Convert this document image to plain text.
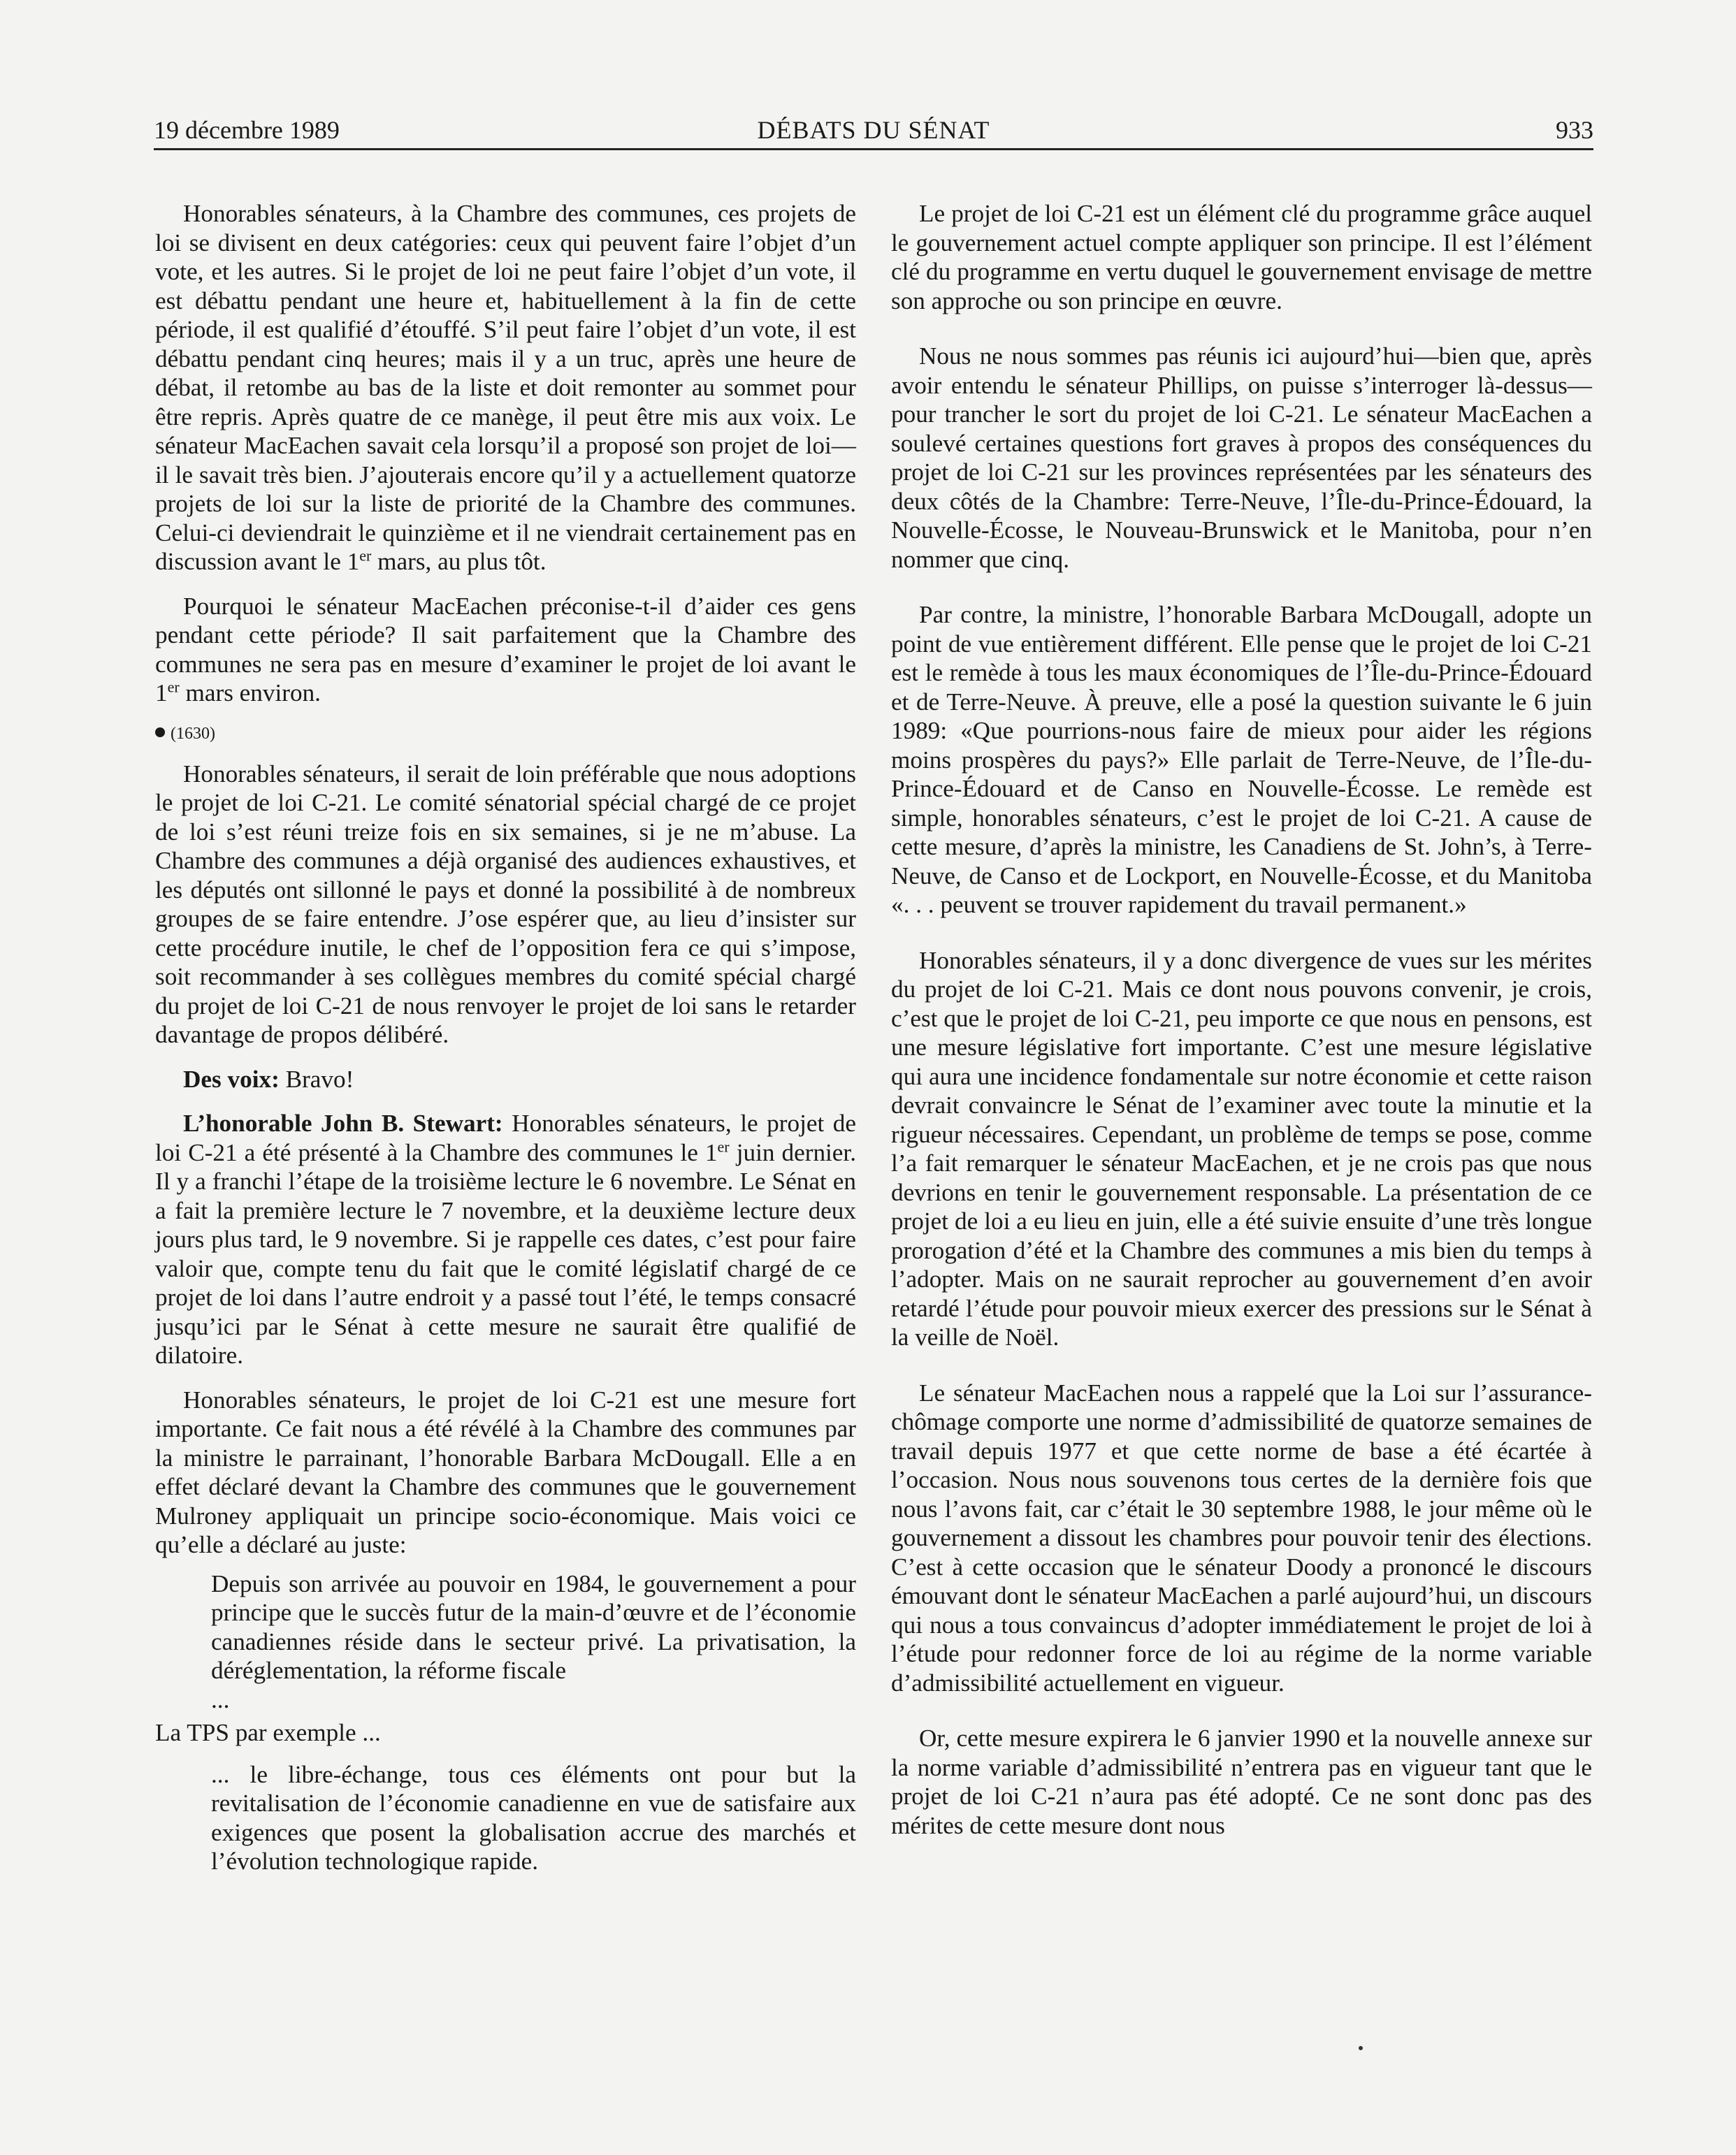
19 décembre 1989	DÉBATS DU SÉNAT	933

Honorables sénateurs, à la Chambre des communes, ces projets de loi se divisent en deux catégories: ceux qui peuvent faire l’objet d’un vote, et les autres. Si le projet de loi ne peut faire l’objet d’un vote, il est débattu pendant une heure et, habituellement à la fin de cette période, il est qualifié d’étouffé. S’il peut faire l’objet d’un vote, il est débattu pendant cinq heures; mais il y a un truc, après une heure de débat, il retombe au bas de la liste et doit remonter au sommet pour être repris. Après quatre de ce manège, il peut être mis aux voix. Le sénateur MacEachen savait cela lorsqu’il a proposé son projet de loi—il le savait très bien. J’ajouterais encore qu’il y a actuellement quatorze projets de loi sur la liste de priorité de la Chambre des communes. Celui-ci deviendrait le quinzième et il ne viendrait certainement pas en discussion avant le 1er mars, au plus tôt.

Pourquoi le sénateur MacEachen préconise-t-il d’aider ces gens pendant cette période? Il sait parfaitement que la Chambre des communes ne sera pas en mesure d’examiner le projet de loi avant le 1er mars environ.

(1630)

Honorables sénateurs, il serait de loin préférable que nous adoptions le projet de loi C-21. Le comité sénatorial spécial chargé de ce projet de loi s’est réuni treize fois en six semaines, si je ne m’abuse. La Chambre des communes a déjà organisé des audiences exhaustives, et les députés ont sillonné le pays et donné la possibilité à de nombreux groupes de se faire entendre. J’ose espérer que, au lieu d’insister sur cette procédure inutile, le chef de l’opposition fera ce qui s’impose, soit recommander à ses collègues membres du comité spécial chargé du projet de loi C-21 de nous renvoyer le projet de loi sans le retarder davantage de propos délibéré.

Des voix: Bravo!

L’honorable John B. Stewart: Honorables sénateurs, le projet de loi C-21 a été présenté à la Chambre des communes le 1er juin dernier. Il y a franchi l’étape de la troisième lecture le 6 novembre. Le Sénat en a fait la première lecture le 7 novembre, et la deuxième lecture deux jours plus tard, le 9 novembre. Si je rappelle ces dates, c’est pour faire valoir que, compte tenu du fait que le comité législatif chargé de ce projet de loi dans l’autre endroit y a passé tout l’été, le temps consacré jusqu’ici par le Sénat à cette mesure ne saurait être qualifié de dilatoire.

Honorables sénateurs, le projet de loi C-21 est une mesure fort importante. Ce fait nous a été révélé à la Chambre des communes par la ministre le parrainant, l’honorable Barbara McDougall. Elle a en effet déclaré devant la Chambre des communes que le gouvernement Mulroney appliquait un principe socio-économique. Mais voici ce qu’elle a déclaré au juste:

Depuis son arrivée au pouvoir en 1984, le gouvernement a pour principe que le succès futur de la main-d’œuvre et de l’économie canadiennes réside dans le secteur privé. La privatisation, la déréglementation, la réforme fiscale

...

La TPS par exemple ...

... le libre-échange, tous ces éléments ont pour but la revitalisation de l’économie canadienne en vue de satisfaire aux exigences que posent la globalisation accrue des marchés et l’évolution technologique rapide.

Le projet de loi C-21 est un élément clé du programme grâce auquel le gouvernement actuel compte appliquer son principe. Il est l’élément clé du programme en vertu duquel le gouvernement envisage de mettre son approche ou son principe en œuvre.

Nous ne nous sommes pas réunis ici aujourd’hui—bien que, après avoir entendu le sénateur Phillips, on puisse s’interroger là-dessus—pour trancher le sort du projet de loi C-21. Le sénateur MacEachen a soulevé certaines questions fort graves à propos des conséquences du projet de loi C-21 sur les provinces représentées par les sénateurs des deux côtés de la Chambre: Terre-Neuve, l’Île-du-Prince-Édouard, la Nouvelle-Écosse, le Nouveau-Brunswick et le Manitoba, pour n’en nommer que cinq.

Par contre, la ministre, l’honorable Barbara McDougall, adopte un point de vue entièrement différent. Elle pense que le projet de loi C-21 est le remède à tous les maux économiques de l’Île-du-Prince-Édouard et de Terre-Neuve. À preuve, elle a posé la question suivante le 6 juin 1989: «Que pourrions-nous faire de mieux pour aider les régions moins prospères du pays?» Elle parlait de Terre-Neuve, de l’Île-du-Prince-Édouard et de Canso en Nouvelle-Écosse. Le remède est simple, honorables sénateurs, c’est le projet de loi C-21. A cause de cette mesure, d’après la ministre, les Canadiens de St. John’s, à Terre-Neuve, de Canso et de Lockport, en Nouvelle-Écosse, et du Manitoba «. . . peuvent se trouver rapidement du travail permanent.»

Honorables sénateurs, il y a donc divergence de vues sur les mérites du projet de loi C-21. Mais ce dont nous pouvons convenir, je crois, c’est que le projet de loi C-21, peu importe ce que nous en pensons, est une mesure législative fort importante. C’est une mesure législative qui aura une incidence fondamentale sur notre économie et cette raison devrait convaincre le Sénat de l’examiner avec toute la minutie et la rigueur nécessaires. Cependant, un problème de temps se pose, comme l’a fait remarquer le sénateur MacEachen, et je ne crois pas que nous devrions en tenir le gouvernement responsable. La présentation de ce projet de loi a eu lieu en juin, elle a été suivie ensuite d’une très longue prorogation d’été et la Chambre des communes a mis bien du temps à l’adopter. Mais on ne saurait reprocher au gouvernement d’en avoir retardé l’étude pour pouvoir mieux exercer des pressions sur le Sénat à la veille de Noël.

Le sénateur MacEachen nous a rappelé que la Loi sur l’assurance-chômage comporte une norme d’admissibilité de quatorze semaines de travail depuis 1977 et que cette norme de base a été écartée à l’occasion. Nous nous souvenons tous certes de la dernière fois que nous l’avons fait, car c’était le 30 septembre 1988, le jour même où le gouvernement a dissout les chambres pour pouvoir tenir des élections. C’est à cette occasion que le sénateur Doody a prononcé le discours émouvant dont le sénateur MacEachen a parlé aujourd’hui, un discours qui nous a tous convaincus d’adopter immédiatement le projet de loi à l’étude pour redonner force de loi au régime de la norme variable d’admissibilité actuellement en vigueur.

Or, cette mesure expirera le 6 janvier 1990 et la nouvelle annexe sur la norme variable d’admissibilité n’entrera pas en vigueur tant que le projet de loi C-21 n’aura pas été adopté. Ce ne sont donc pas des mérites de cette mesure dont nous
